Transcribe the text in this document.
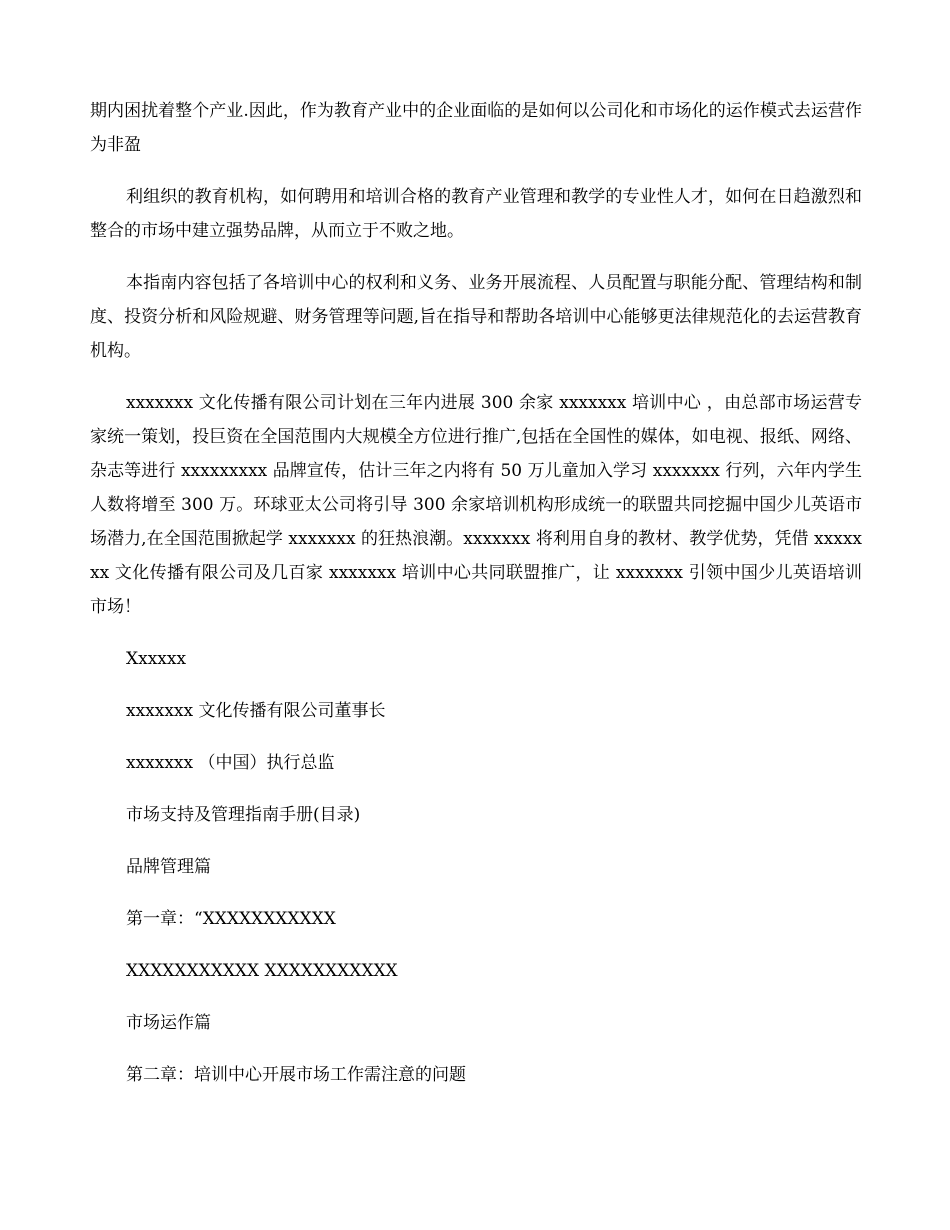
期内困扰着整个产业.因此，作为教育产业中的企业面临的是如何以公司化和市场化的运作模式去运营作为非盈

利组织的教育机构，如何聘用和培训合格的教育产业管理和教学的专业性人才，如何在日趋激烈和整合的市场中建立强势品牌，从而立于不败之地。

本指南内容包括了各培训中心的权利和义务、业务开展流程、人员配置与职能分配、管理结构和制度、投资分析和风险规避、财务管理等问题,旨在指导和帮助各培训中心能够更法律规范化的去运营教育机构。

xxxxxxx 文化传播有限公司计划在三年内进展 300 余家 xxxxxxx 培训中心 ，由总部市场运营专家统一策划，投巨资在全国范围内大规模全方位进行推广,包括在全国性的媒体，如电视、报纸、网络、杂志等进行 xxxxxxxxx 品牌宣传，估计三年之内将有 50 万儿童加入学习 xxxxxxx 行列，六年内学生人数将增至 300 万。环球亚太公司将引导 300 余家培训机构形成统一的联盟共同挖掘中国少儿英语市场潜力,在全国范围掀起学 xxxxxxx 的狂热浪潮。xxxxxxx 将利用自身的教材、教学优势，凭借 xxxxxxx 文化传播有限公司及几百家 xxxxxxx 培训中心共同联盟推广，让 xxxxxxx 引领中国少儿英语培训市场！

Xxxxxx
xxxxxxx 文化传播有限公司董事长
xxxxxxx （中国）执行总监
市场支持及管理指南手册(目录)
品牌管理篇
第一章：“XXXXXXXXXXX
XXXXXXXXXXX XXXXXXXXXXX
市场运作篇
第二章：培训中心开展市场工作需注意的问题
